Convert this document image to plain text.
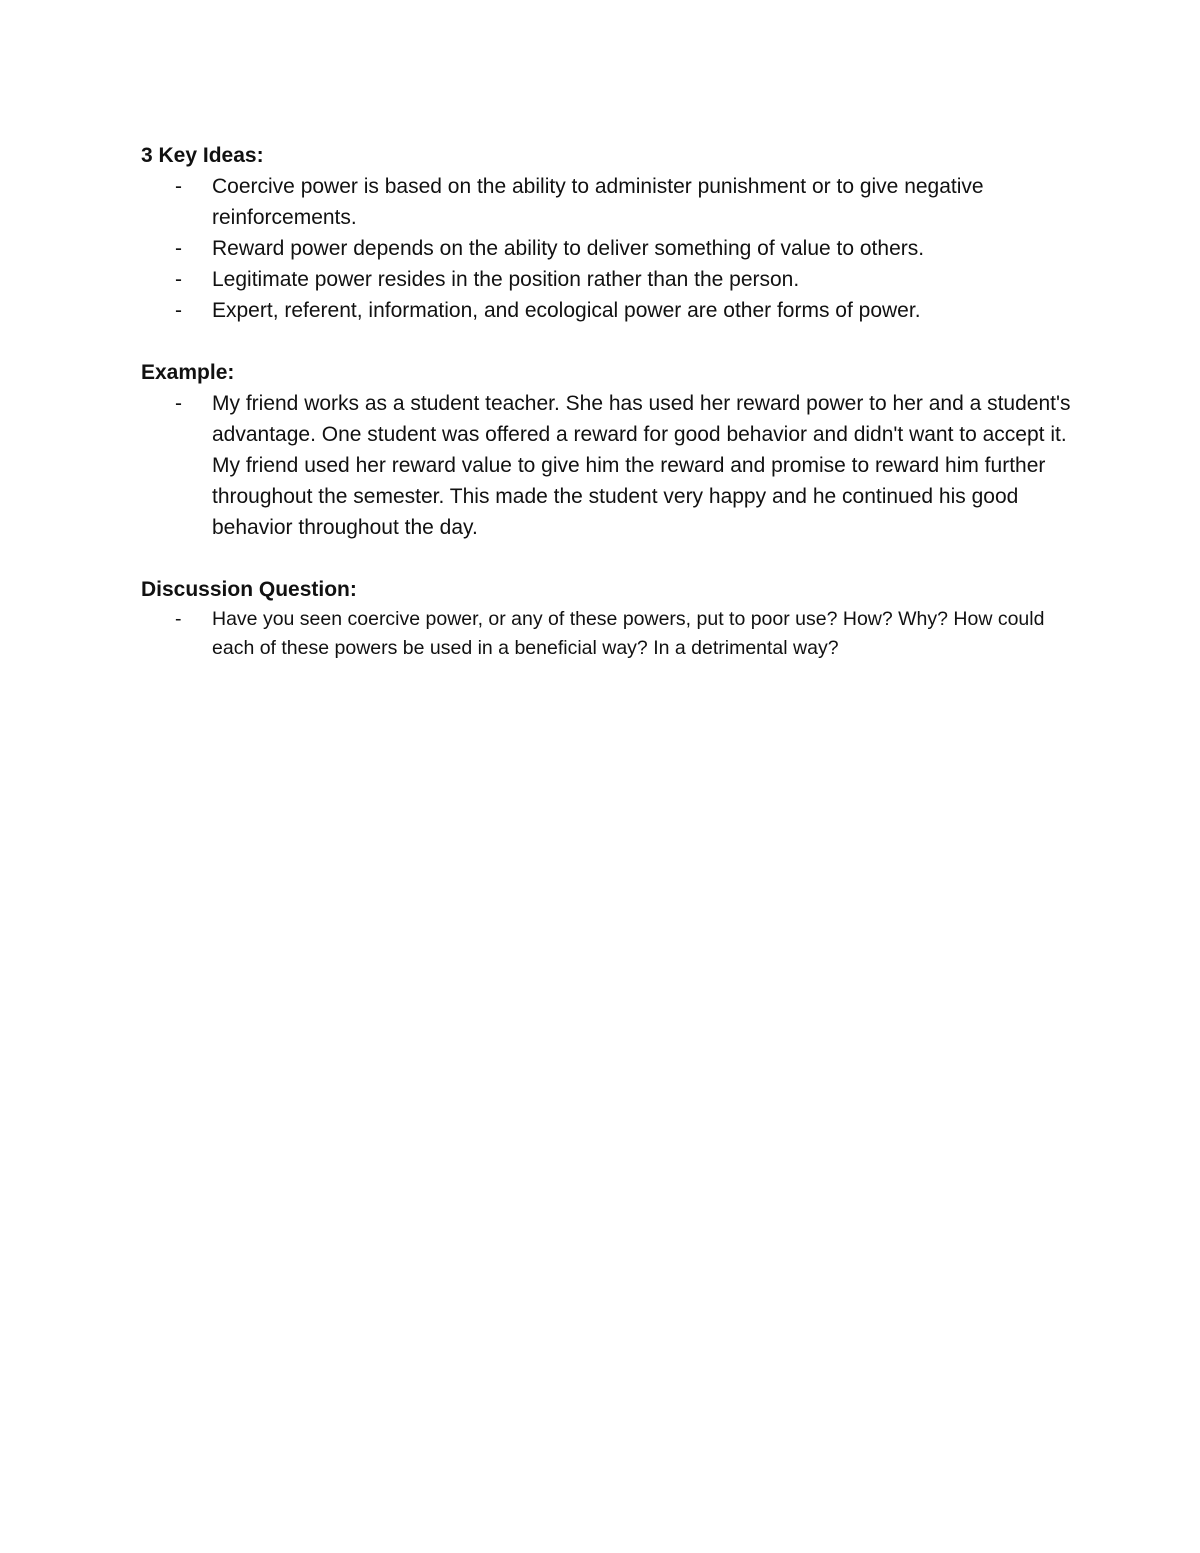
3 Key Ideas:

- Coercive power is based on the ability to administer punishment or to give negative reinforcements.
- Reward power depends on the ability to deliver something of value to others.
- Legitimate power resides in the position rather than the person.
- Expert, referent, information, and ecological power are other forms of power.

Example:

- My friend works as a student teacher. She has used her reward power to her and a student's advantage. One student was offered a reward for good behavior and didn't want to accept it. My friend used her reward value to give him the reward and promise to reward him further throughout the semester. This made the student very happy and he continued his good behavior throughout the day.

Discussion Question:

- Have you seen coercive power, or any of these powers, put to poor use? How? Why? How could each of these powers be used in a beneficial way? In a detrimental way?
